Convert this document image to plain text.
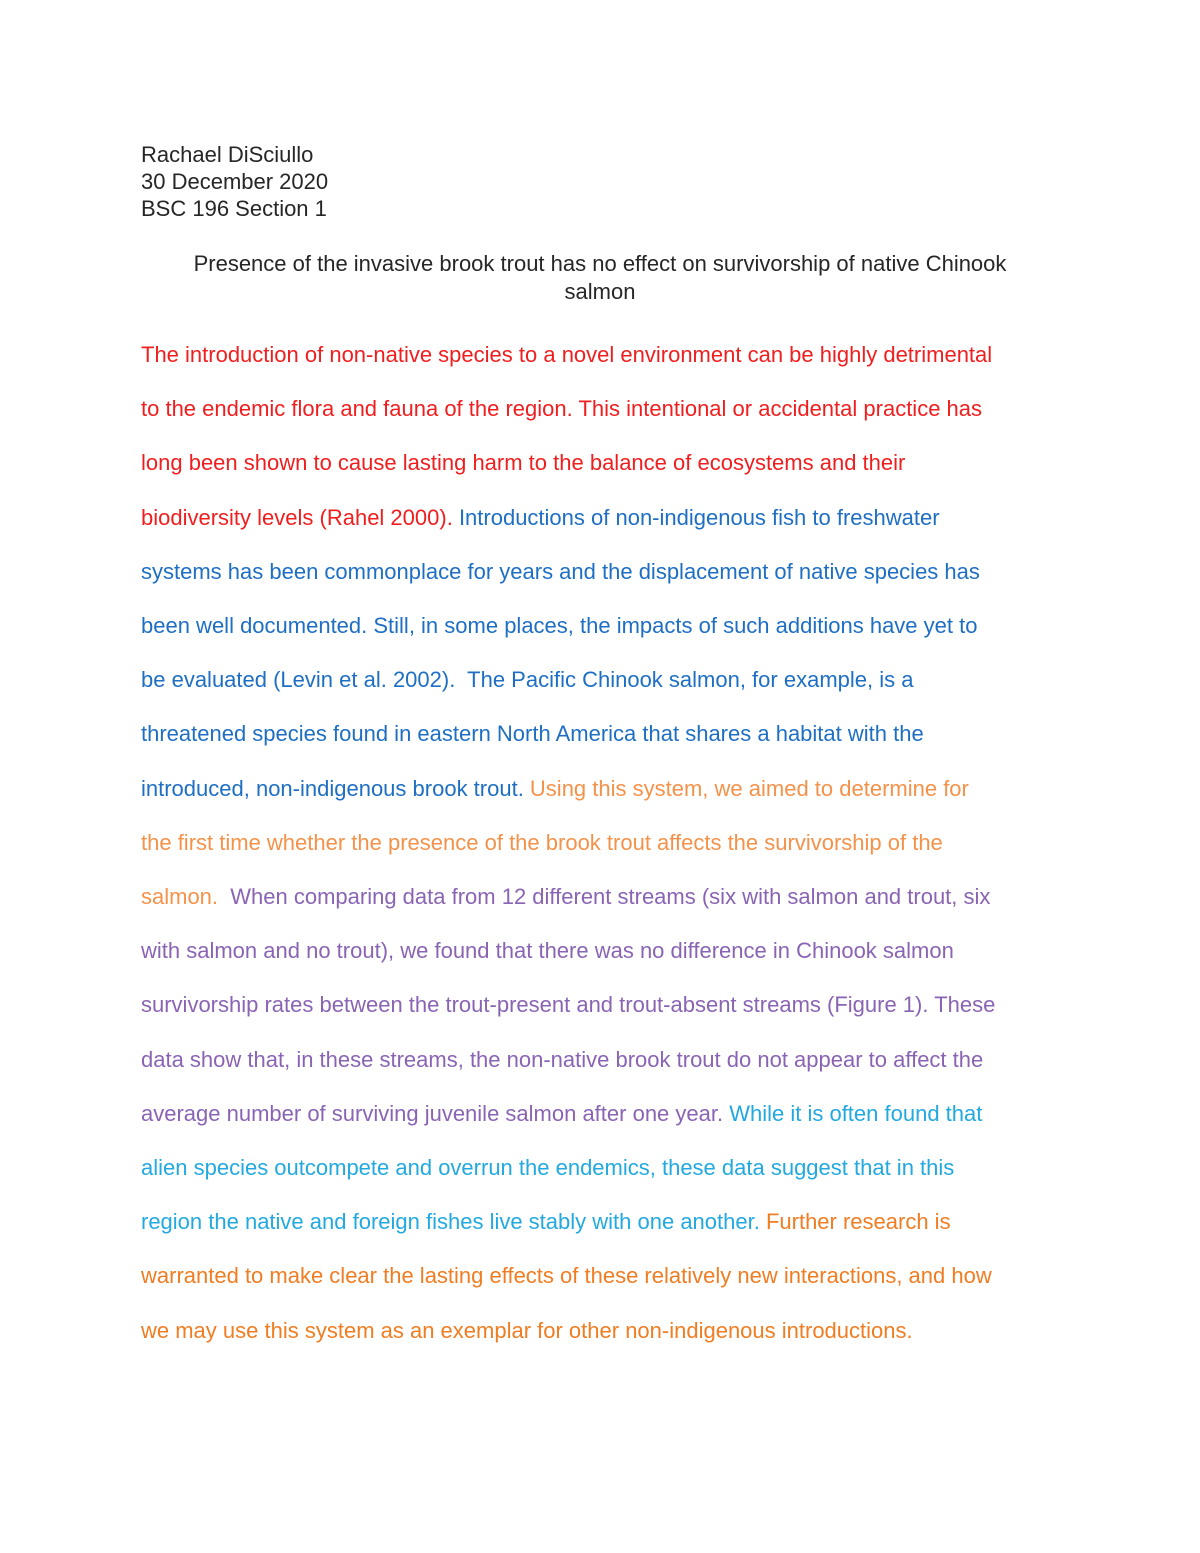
Rachael DiSciullo
30 December 2020
BSC 196 Section 1
Presence of the invasive brook trout has no effect on survivorship of native Chinook
salmon
The introduction of non-native species to a novel environment can be highly detrimental
to the endemic flora and fauna of the region. This intentional or accidental practice has
long been shown to cause lasting harm to the balance of ecosystems and their
biodiversity levels (Rahel 2000). Introductions of non-indigenous fish to freshwater
systems has been commonplace for years and the displacement of native species has
been well documented. Still, in some places, the impacts of such additions have yet to
be evaluated (Levin et al. 2002).  The Pacific Chinook salmon, for example, is a
threatened species found in eastern North America that shares a habitat with the
introduced, non-indigenous brook trout. Using this system, we aimed to determine for
the first time whether the presence of the brook trout affects the survivorship of the
salmon.  When comparing data from 12 different streams (six with salmon and trout, six
with salmon and no trout), we found that there was no difference in Chinook salmon
survivorship rates between the trout-present and trout-absent streams (Figure 1). These
data show that, in these streams, the non-native brook trout do not appear to affect the
average number of surviving juvenile salmon after one year. While it is often found that
alien species outcompete and overrun the endemics, these data suggest that in this
region the native and foreign fishes live stably with one another. Further research is
warranted to make clear the lasting effects of these relatively new interactions, and how
we may use this system as an exemplar for other non-indigenous introductions.
